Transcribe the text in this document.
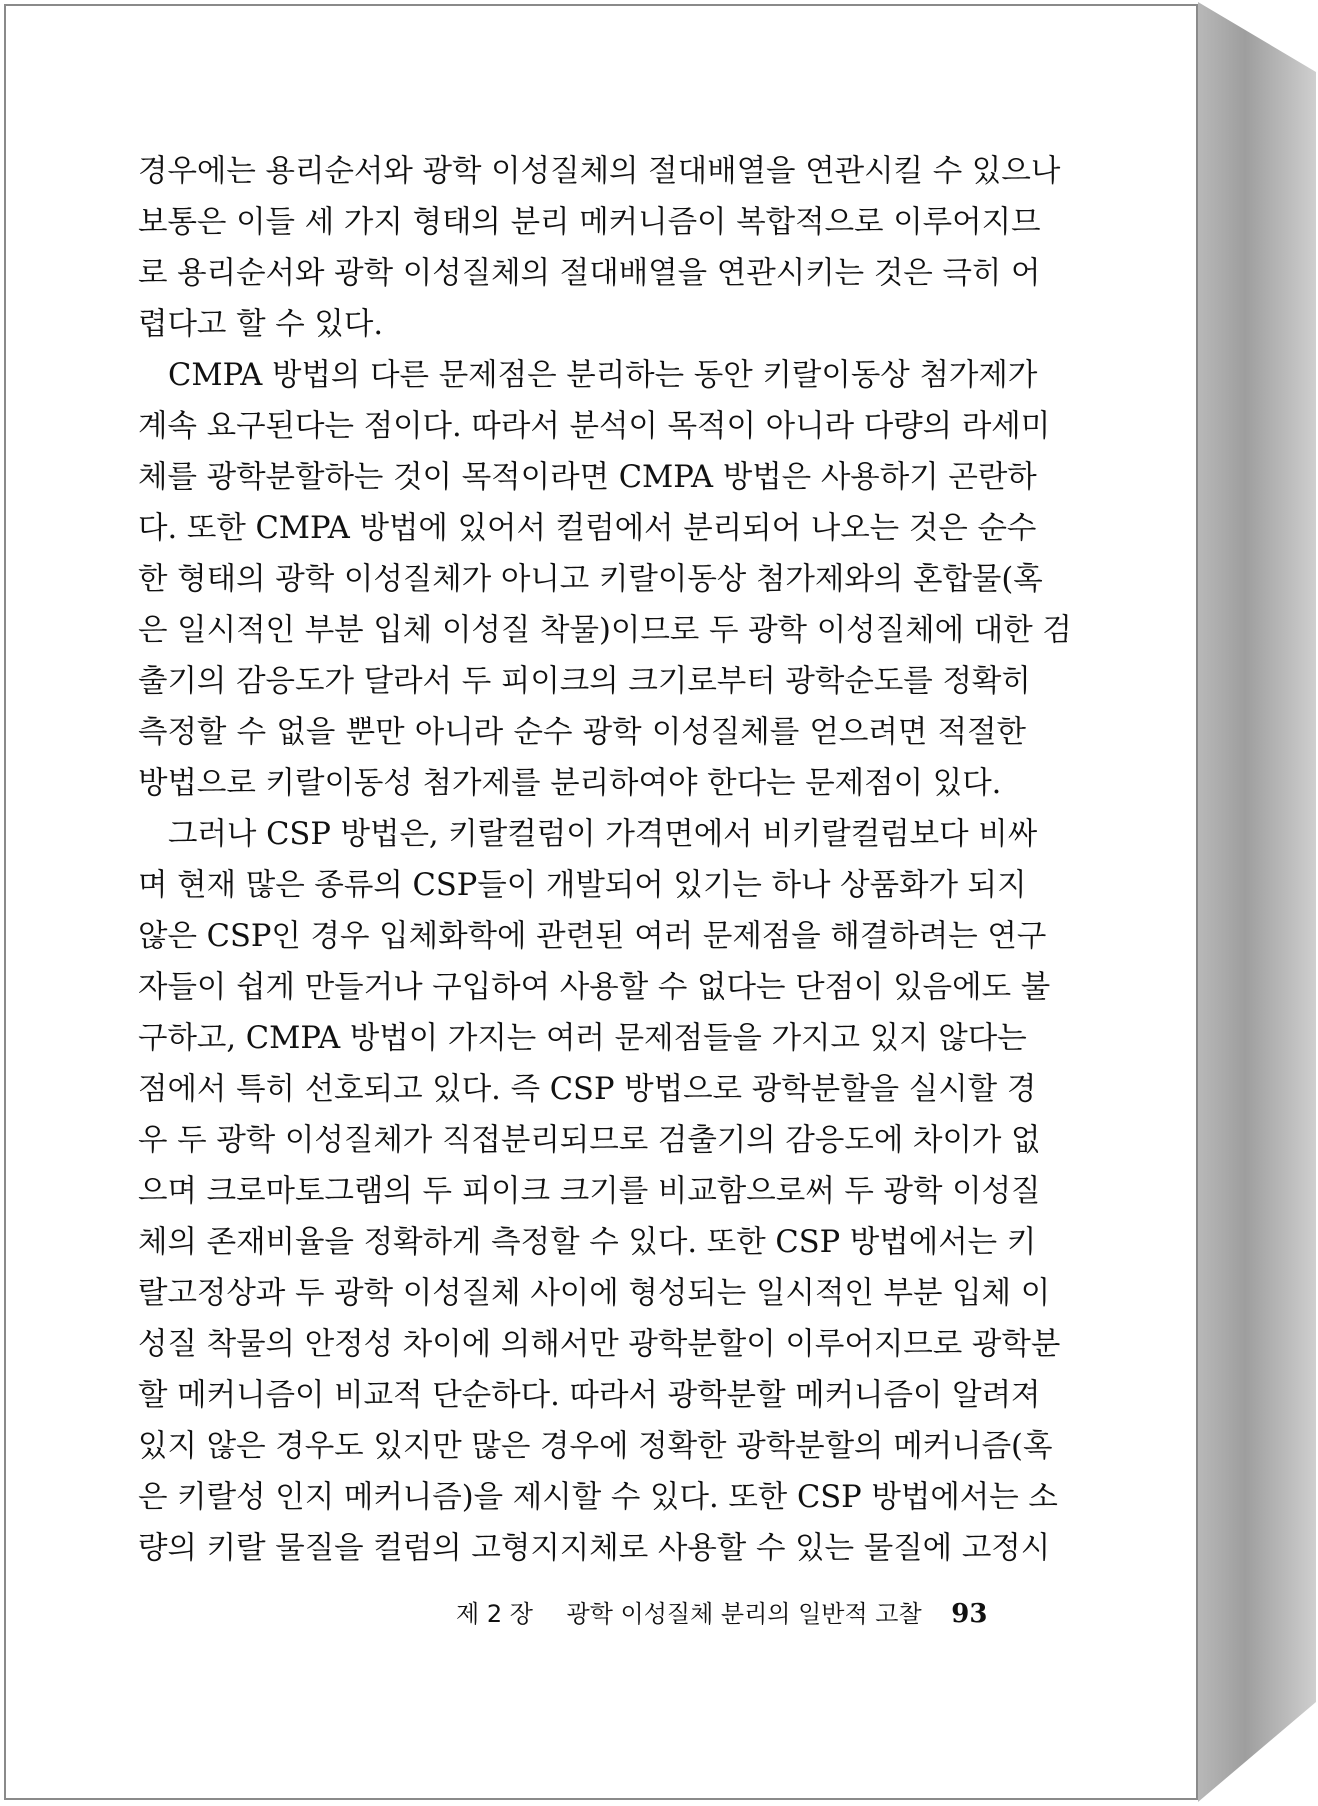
경우에는 용리순서와 광학 이성질체의 절대배열을 연관시킬 수 있으나
보통은 이들 세 가지 형태의 분리 메커니즘이 복합적으로 이루어지므
로 용리순서와 광학 이성질체의 절대배열을 연관시키는 것은 극히 어
렵다고 할 수 있다.
CMPA 방법의 다른 문제점은 분리하는 동안 키랄이동상 첨가제가
계속 요구된다는 점이다. 따라서 분석이 목적이 아니라 다량의 라세미
체를 광학분할하는 것이 목적이라면 CMPA 방법은 사용하기 곤란하
다. 또한 CMPA 방법에 있어서 컬럼에서 분리되어 나오는 것은 순수
한 형태의 광학 이성질체가 아니고 키랄이동상 첨가제와의 혼합물(혹
은 일시적인 부분 입체 이성질 착물)이므로 두 광학 이성질체에 대한 검
출기의 감응도가 달라서 두 피이크의 크기로부터 광학순도를 정확히
측정할 수 없을 뿐만 아니라 순수 광학 이성질체를 얻으려면 적절한
방법으로 키랄이동성 첨가제를 분리하여야 한다는 문제점이 있다.
그러나 CSP 방법은, 키랄컬럼이 가격면에서 비키랄컬럼보다 비싸
며 현재 많은 종류의 CSP들이 개발되어 있기는 하나 상품화가 되지
않은 CSP인 경우 입체화학에 관련된 여러 문제점을 해결하려는 연구
자들이 쉽게 만들거나 구입하여 사용할 수 없다는 단점이 있음에도 불
구하고, CMPA 방법이 가지는 여러 문제점들을 가지고 있지 않다는
점에서 특히 선호되고 있다. 즉 CSP 방법으로 광학분할을 실시할 경
우 두 광학 이성질체가 직접분리되므로 검출기의 감응도에 차이가 없
으며 크로마토그램의 두 피이크 크기를 비교함으로써 두 광학 이성질
체의 존재비율을 정확하게 측정할 수 있다. 또한 CSP 방법에서는 키
랄고정상과 두 광학 이성질체 사이에 형성되는 일시적인 부분 입체 이
성질 착물의 안정성 차이에 의해서만 광학분할이 이루어지므로 광학분
할 메커니즘이 비교적 단순하다. 따라서 광학분할 메커니즘이 알려져
있지 않은 경우도 있지만 많은 경우에 정확한 광학분할의 메커니즘(혹
은 키랄성 인지 메커니즘)을 제시할 수 있다. 또한 CSP 방법에서는 소
량의 키랄 물질을 컬럼의 고형지지체로 사용할 수 있는 물질에 고정시
제 2 장 광학 이성질체 분리의 일반적 고찰 93
